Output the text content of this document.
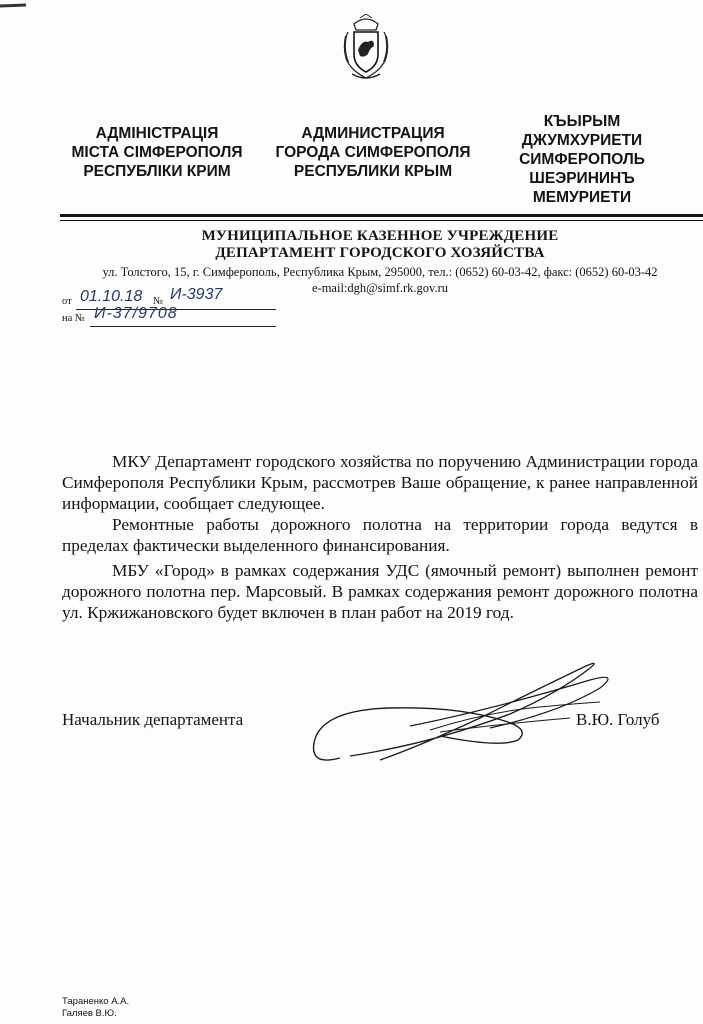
АДМІНІСТРАЦІЯ
МІСТА СІМФЕРОПОЛЯ
РЕСПУБЛІКИ КРИМ
АДМИНИСТРАЦИЯ
ГОРОДА СИМФЕРОПОЛЯ
РЕСПУБЛИКИ КРЫМ
КЪЫРЫМ
ДЖУМХУРИЕТИ
СИМФЕРОПОЛЬ
ШЕЭРИНИНЪ
МЕМУРИЕТИ
МУНИЦИПАЛЬНОЕ КАЗЕННОЕ УЧРЕЖДЕНИЕ
ДЕПАРТАМЕНТ ГОРОДСКОГО ХОЗЯЙСТВА
ул. Толстого, 15, г. Симферополь, Республика Крым, 295000, тел.: (0652) 60-03-42, факс: (0652) 60-03-42
e-mail:dgh@simf.rk.gov.ru
от 01.10.18 № И-3937
на № И-37/9708
МКУ Департамент городского хозяйства по поручению Администрации города Симферополя Республики Крым, рассмотрев Ваше обращение, к ранее направленной информации, сообщает следующее.
Ремонтные работы дорожного полотна на территории города ведутся в пределах фактически выделенного финансирования.
МБУ «Город» в рамках содержания УДС (ямочный ремонт) выполнен ремонт дорожного полотна пер. Марсовый. В рамках содержания ремонт дорожного полотна ул. Кржижановского будет включен в план работ на 2019 год.
Начальник департамента	В.Ю. Голуб
Тараненко А.А.
Галяев В.Ю.
